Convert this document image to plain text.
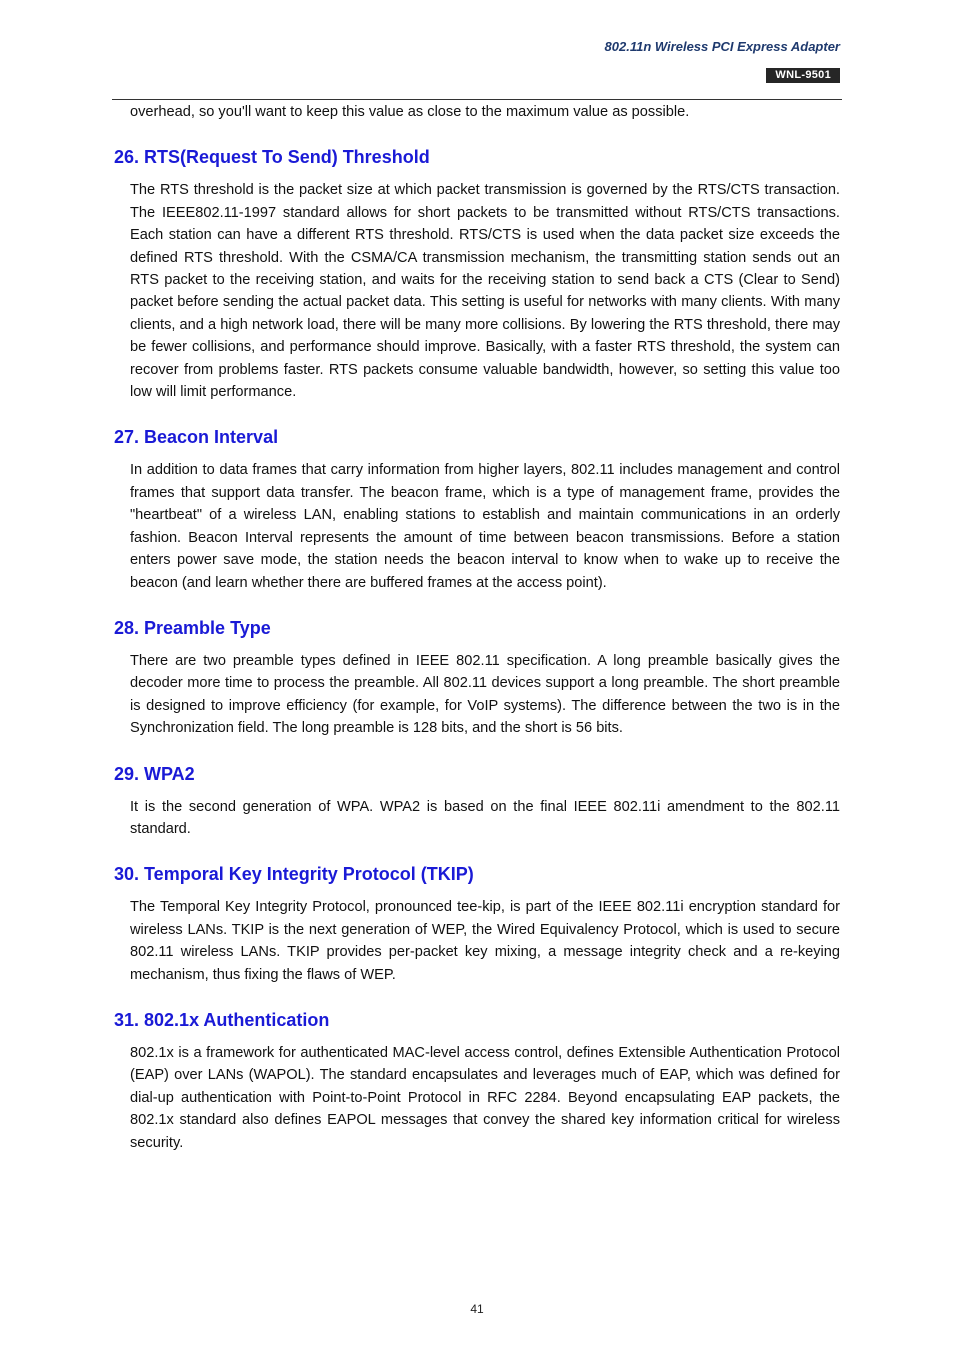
802.11n Wireless PCI Express Adapter
WNL-9501

overhead, so you'll want to keep this value as close to the maximum value as possible.

26. RTS(Request To Send) Threshold

The RTS threshold is the packet size at which packet transmission is governed by the RTS/CTS transaction. The IEEE802.11-1997 standard allows for short packets to be transmitted without RTS/CTS transactions. Each station can have a different RTS threshold. RTS/CTS is used when the data packet size exceeds the defined RTS threshold. With the CSMA/CA transmission mechanism, the transmitting station sends out an RTS packet to the receiving station, and waits for the receiving station to send back a CTS (Clear to Send) packet before sending the actual packet data. This setting is useful for networks with many clients. With many clients, and a high network load, there will be many more collisions. By lowering the RTS threshold, there may be fewer collisions, and performance should improve. Basically, with a faster RTS threshold, the system can recover from problems faster. RTS packets consume valuable bandwidth, however, so setting this value too low will limit performance.

27. Beacon Interval

In addition to data frames that carry information from higher layers, 802.11 includes management and control frames that support data transfer. The beacon frame, which is a type of management frame, provides the "heartbeat" of a wireless LAN, enabling stations to establish and maintain communications in an orderly fashion. Beacon Interval represents the amount of time between beacon transmissions. Before a station enters power save mode, the station needs the beacon interval to know when to wake up to receive the beacon (and learn whether there are buffered frames at the access point).

28. Preamble Type

There are two preamble types defined in IEEE 802.11 specification. A long preamble basically gives the decoder more time to process the preamble. All 802.11 devices support a long preamble. The short preamble is designed to improve efficiency (for example, for VoIP systems). The difference between the two is in the Synchronization field. The long preamble is 128 bits, and the short is 56 bits.

29. WPA2

It is the second generation of WPA. WPA2 is based on the final IEEE 802.11i amendment to the 802.11 standard.

30. Temporal Key Integrity Protocol (TKIP)

The Temporal Key Integrity Protocol, pronounced tee-kip, is part of the IEEE 802.11i encryption standard for wireless LANs. TKIP is the next generation of WEP, the Wired Equivalency Protocol, which is used to secure 802.11 wireless LANs. TKIP provides per-packet key mixing, a message integrity check and a re-keying mechanism, thus fixing the flaws of WEP.

31. 802.1x Authentication

802.1x is a framework for authenticated MAC-level access control, defines Extensible Authentication Protocol (EAP) over LANs (WAPOL). The standard encapsulates and leverages much of EAP, which was defined for dial-up authentication with Point-to-Point Protocol in RFC 2284. Beyond encapsulating EAP packets, the 802.1x standard also defines EAPOL messages that convey the shared key information critical for wireless security.

41
